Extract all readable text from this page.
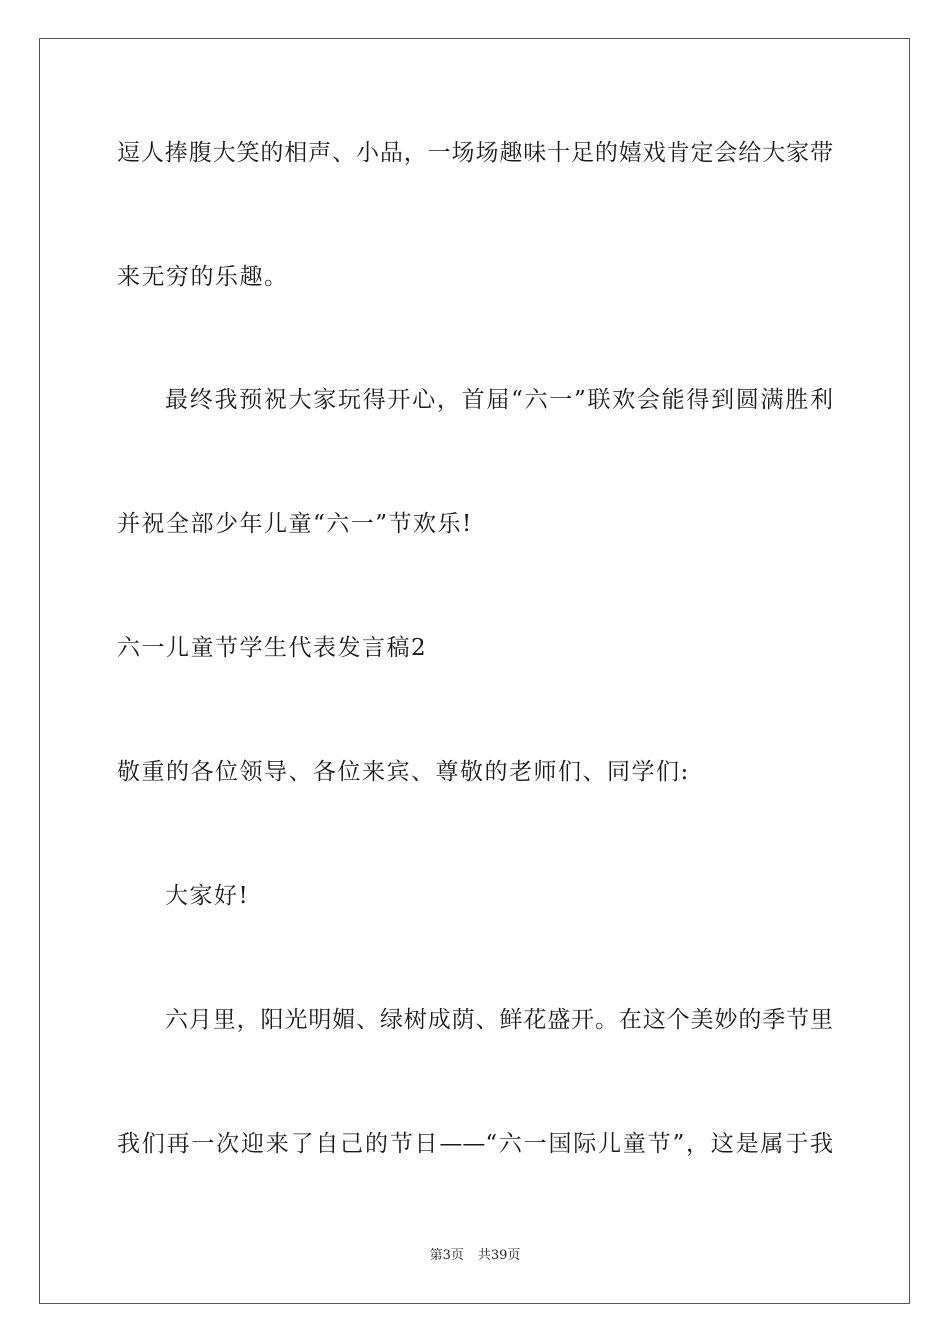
逗人捧腹大笑的相声、小品，一场场趣味十足的嬉戏肯定会给大家带
来无穷的乐趣。
最终我预祝大家玩得开心，首届“六一”联欢会能得到圆满胜利
并祝全部少年儿童“六一”节欢乐!
六一儿童节学生代表发言稿2
敬重的各位领导、各位来宾、尊敬的老师们、同学们:
大家好!
六月里，阳光明媚、绿树成荫、鲜花盛开。在这个美妙的季节里
我们再一次迎来了自己的节日——“六一国际儿童节”，这是属于我
第3页 共39页
